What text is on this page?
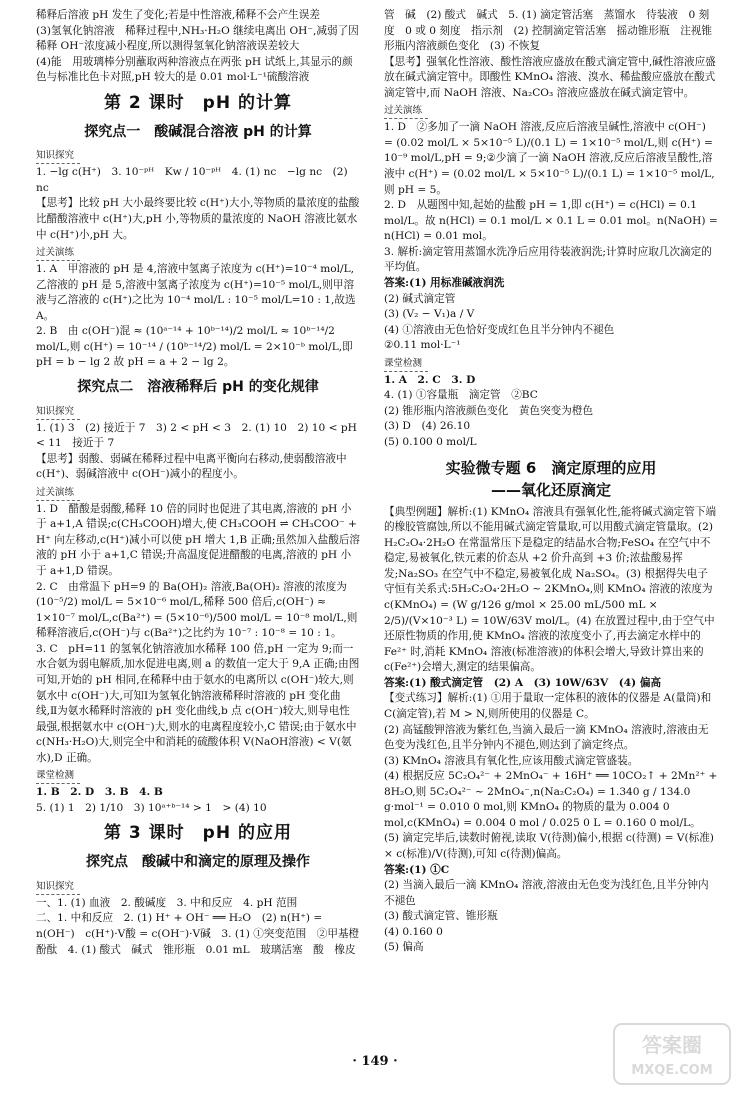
稀释后溶液 pH 发生了变化;若是中性溶液,稀释不会产生误差

(3)氢氧化钠溶液　稀释过程中,NH₃·H₂O 继续电离出 OH⁻,减弱了因稀释 OH⁻浓度减小程度,所以测得氢氧化钠溶液误差较大

(4)能　用玻璃棒分别蘸取两种溶液点在两张 pH 试纸上,其显示的颜色与标准比色卡对照,pH 较大的是 0.01 mol·L⁻¹硫酸溶液

第 2 课时　pH 的计算
探究点一　酸碱混合溶液 pH 的计算
知识探究

1. −lg c(H⁺)　3. 10⁻ᵖᴴ　Kw / 10⁻ᵖᴴ　4. (1) nc　−lg nc　(2) nc

【思考】比较 pH 大小最终要比较 c(H⁺)大小,等物质的量浓度的盐酸比醋酸溶液中 c(H⁺)大,pH 小,等物质的量浓度的 NaOH 溶液比氨水中 c(H⁺)小,pH 大。

过关演练

1. A　甲溶液的 pH 是 4,溶液中氢离子浓度为 c(H⁺)=10⁻⁴ mol/L,乙溶液的 pH 是 5,溶液中氢离子浓度为 c(H⁺)=10⁻⁵ mol/L,则甲溶液与乙溶液的 c(H⁺)之比为 10⁻⁴ mol/L : 10⁻⁵ mol/L=10 : 1,故选 A。

2. B　由 c(OH⁻)混 ≈ (10ᵃ⁻¹⁴ + 10ᵇ⁻¹⁴)/2 mol/L ≈ 10ᵇ⁻¹⁴/2 mol/L,则 c(H⁺) = 10⁻¹⁴ / (10ᵇ⁻¹⁴/2) mol/L = 2×10⁻ᵇ mol/L,即 pH = b − lg 2 故 pH = a + 2 − lg 2。

探究点二　溶液稀释后 pH 的变化规律
知识探究

1. (1) 3　(2) 接近于 7　3) 2 < pH < 3　2. (1) 10　2) 10 < pH < 11　接近于 7

【思考】弱酸、弱碱在稀释过程中电离平衡向右移动,使弱酸溶液中 c(H⁺)、弱碱溶液中 c(OH⁻)减小的程度小。

过关演练

1. D　醋酸是弱酸,稀释 10 倍的同时也促进了其电离,溶液的 pH 小于 a+1,A 错误;c(CH₃COOH)增大,使 CH₃COOH ⇌ CH₃COO⁻ + H⁺ 向左移动,c(H⁺)减小可以使 pH 增大 1,B 正确;虽然加入盐酸后溶液的 pH 小于 a+1,C 错误;升高温度促进醋酸的电离,溶液的 pH 小于 a+1,D 错误。

2. C　由常温下 pH=9 的 Ba(OH)₂ 溶液,Ba(OH)₂ 溶液的浓度为 (10⁻⁵/2) mol/L = 5×10⁻⁶ mol/L,稀释 500 倍后,c(OH⁻) ≈ 1×10⁻⁷ mol/L,c(Ba²⁺) = (5×10⁻⁶)/500 mol/L = 10⁻⁸ mol/L,则稀释溶液后,c(OH⁻)与 c(Ba²⁺)之比约为 10⁻⁷ : 10⁻⁸ = 10 : 1。

3. C　pH=11 的氢氧化钠溶液加水稀释 100 倍,pH 一定为 9;而一水合氨为弱电解质,加水促进电离,则 a 的数值一定大于 9,A 正确;由图可知,开始的 pH 相同,在稀释中由于氨水的电离所以 c(OH⁻)较大,则氨水中 c(OH⁻)大,可知Ⅰ为氢氧化钠溶液稀释时溶液的 pH 变化曲线,Ⅱ为氨水稀释时溶液的 pH 变化曲线,b 点 c(OH⁻)较大,则导电性最强,根据氨水中 c(OH⁻)大,则水的电离程度较小,C 错误;由于氨水中 c(NH₃·H₂O)大,则完全中和消耗的硫酸体积 V(NaOH溶液) < V(氨水),D 正确。

课堂检测

1. B　2. D　3. B　4. B

5. (1) 1　2) 1/10　3) 10ᵃ⁺ᵇ⁻¹⁴ > 1　> (4) 10

第 3 课时　pH 的应用
探究点　酸碱中和滴定的原理及操作
知识探究

一、1. (1) 血液　2. 酸碱度　3. 中和反应　4. pH 范围

二、1. 中和反应　2. (1) H⁺ + OH⁻ ══ H₂O　(2) n(H⁺) = n(OH⁻)　c(H⁺)·V酸 = c(OH⁻)·V碱　3. (1) ①突变范围　②甲基橙　酚酞　4. (1) 酸式　碱式　锥形瓶　0.01 mL　玻璃活塞　酸　橡皮

管　碱　(2) 酸式　碱式　5. (1) 滴定管活塞　蒸馏水　待装液　0 刻度　0 或 0 刻度　指示剂　(2) 控制滴定管活塞　摇动锥形瓶　注视锥形瓶内溶液颜色变化　(3) 不恢复

【思考】强氧化性溶液、酸性溶液应盛放在酸式滴定管中,碱性溶液应盛放在碱式滴定管中。即酸性 KMnO₄ 溶液、溴水、稀盐酸应盛放在酸式滴定管中,而 NaOH 溶液、Na₂CO₃ 溶液应盛放在碱式滴定管中。

过关演练

1. D　②多加了一滴 NaOH 溶液,反应后溶液呈碱性,溶液中 c(OH⁻) = (0.02 mol/L × 5×10⁻⁵ L)/(0.1 L) = 1×10⁻⁵ mol/L,则 c(H⁺) = 10⁻⁹ mol/L,pH = 9;②少滴了一滴 NaOH 溶液,反应后溶液呈酸性,溶液中 c(H⁺) = (0.02 mol/L × 5×10⁻⁵ L)/(0.1 L) = 1×10⁻⁵ mol/L,则 pH = 5。

2. D　从题图中知,起始的盐酸 pH = 1,即 c(H⁺) = c(HCl) = 0.1 mol/L。故 n(HCl) = 0.1 mol/L × 0.1 L = 0.01 mol。n(NaOH) = n(HCl) = 0.01 mol。

3. 解析:滴定管用蒸馏水洗净后应用待装液润洗;计算时应取几次滴定的平均值。

答案:(1) 用标准碱液润洗

(2) 碱式滴定管

(3) (V₂ − V₁)a / V

(4) ①溶液由无色恰好变成红色且半分钟内不褪色

②0.11 mol·L⁻¹

课堂检测

1. A　2. C　3. D

4. (1) ①容量瓶　滴定管　②BC

(2) 锥形瓶内溶液颜色变化　黄色突变为橙色

(3) D　(4) 26.10

(5) 0.100 0 mol/L

实验微专题 6　滴定原理的应用
——氧化还原滴定

【典型例题】解析:(1) KMnO₄ 溶液具有强氧化性,能将碱式滴定管下端的橡胶管腐蚀,所以不能用碱式滴定管量取,可以用酸式滴定管量取。(2) H₂C₂O₄·2H₂O 在常温常压下是稳定的结晶水合物;FeSO₄ 在空气中不稳定,易被氧化,铁元素的价态从 +2 价升高到 +3 价;浓盐酸易挥发;Na₂SO₃ 在空气中不稳定,易被氧化成 Na₂SO₄。(3) 根据得失电子守恒有关系式:5H₂C₂O₄·2H₂O ~ 2KMnO₄,则 KMnO₄ 溶液的浓度为 c(KMnO₄) = (W g/126 g/mol × 25.00 mL/500 mL × 2/5)/(V×10⁻³ L) = 10W/63V mol/L。(4) 在放置过程中,由于空气中还原性物质的作用,使 KMnO₄ 溶液的浓度变小了,再去滴定水样中的 Fe²⁺ 时,消耗 KMnO₄ 溶液(标准溶液)的体积会增大,导致计算出来的 c(Fe²⁺)会增大,测定的结果偏高。

答案:(1) 酸式滴定管　(2) A　(3) 10W/63V　(4) 偏高

【变式练习】解析:(1) ①用于量取一定体积的液体的仪器是 A(量筒)和 C(滴定管),若 M > N,则所使用的仪器是 C。

(2) 高锰酸钾溶液为紫红色,当滴入最后一滴 KMnO₄ 溶液时,溶液由无色变为浅红色,且半分钟内不褪色,则达到了滴定终点。

(3) KMnO₄ 溶液具有氧化性,应该用酸式滴定管盛装。

(4) 根据反应 5C₂O₄²⁻ + 2MnO₄⁻ + 16H⁺ ══ 10CO₂↑ + 2Mn²⁺ + 8H₂O,则 5C₂O₄²⁻ ~ 2MnO₄⁻,n(Na₂C₂O₄) = 1.340 g / 134.0 g·mol⁻¹ = 0.010 0 mol,则 KMnO₄ 的物质的量为 0.004 0 mol,c(KMnO₄) = 0.004 0 mol / 0.025 0 L = 0.160 0 mol/L。

(5) 滴定完毕后,读数时俯视,读取 V(待测)偏小,根据 c(待测) = V(标准) × c(标准)/V(待测),可知 c(待测)偏高。

答案:(1) ①C

(2) 当滴入最后一滴 KMnO₄ 溶液,溶液由无色变为浅红色,且半分钟内不褪色

(3) 酸式滴定管、锥形瓶

(4) 0.160 0

(5) 偏高

· 149 ·
答案圈
MXQE.COM
